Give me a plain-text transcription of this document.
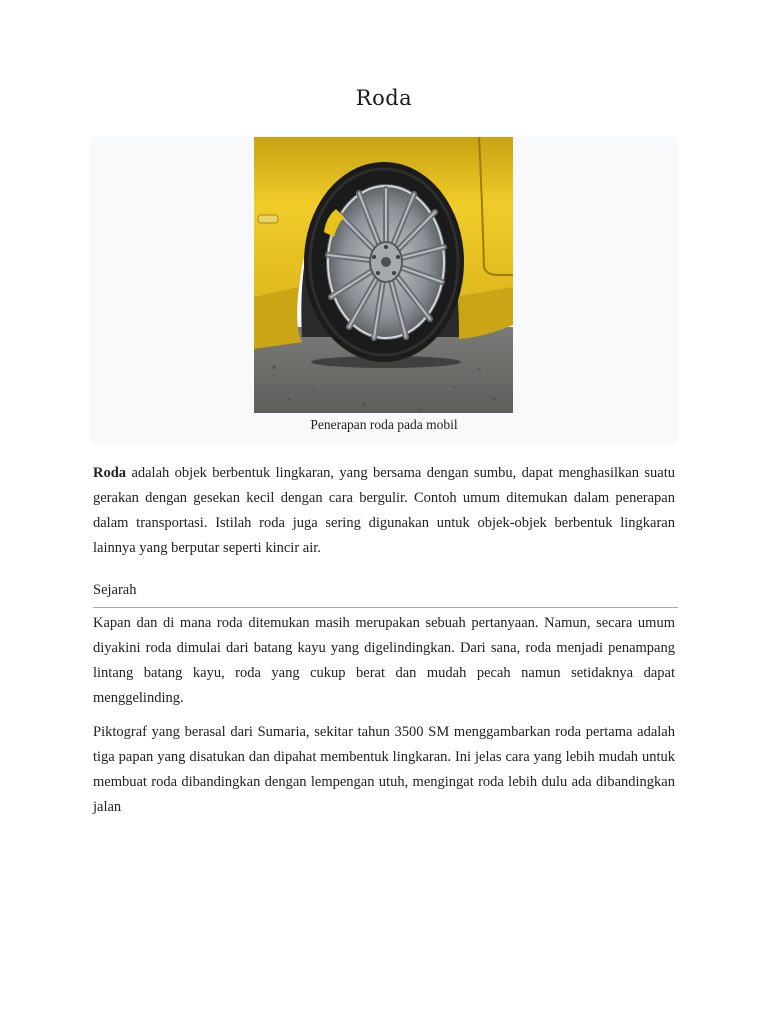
Roda
Penerapan roda pada mobil

Roda adalah objek berbentuk lingkaran, yang bersama dengan sumbu, dapat menghasilkan suatu gerakan dengan gesekan kecil dengan cara bergulir. Contoh umum ditemukan dalam penerapan dalam transportasi. Istilah roda juga sering digunakan untuk objek-objek berbentuk lingkaran lainnya yang berputar seperti kincir air.

Sejarah

Kapan dan di mana roda ditemukan masih merupakan sebuah pertanyaan. Namun, secara umum diyakini roda dimulai dari batang kayu yang digelindingkan. Dari sana, roda menjadi penampang lintang batang kayu, roda yang cukup berat dan mudah pecah namun setidaknya dapat menggelinding.

Piktograf yang berasal dari Sumaria, sekitar tahun 3500 SM menggambarkan roda pertama adalah tiga papan yang disatukan dan dipahat membentuk lingkaran. Ini jelas cara yang lebih mudah untuk membuat roda dibandingkan dengan lempengan utuh, mengingat roda lebih dulu ada dibandingkan jalan
